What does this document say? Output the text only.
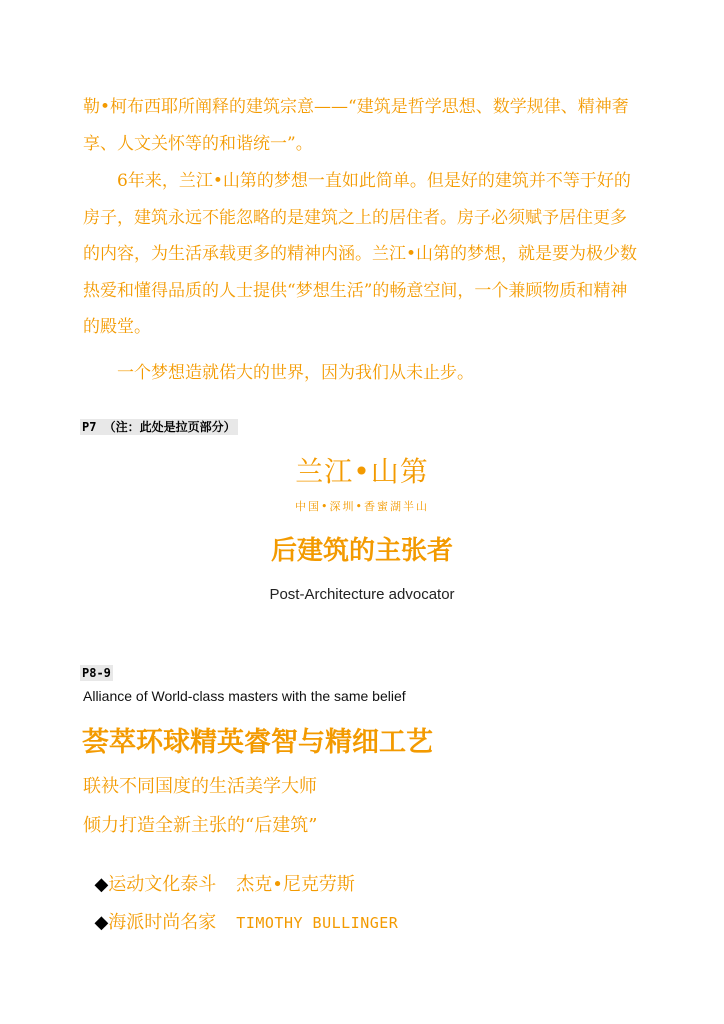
勒•柯布西耶所阐释的建筑宗意——“建筑是哲学思想、数学规律、精神奢享、人文关怀等的和谐统一”。

6年来，兰江•山第的梦想一直如此简单。但是好的建筑并不等于好的房子，建筑永远不能忽略的是建筑之上的居住者。房子必须赋予居住更多的内容，为生活承载更多的精神内涵。兰江•山第的梦想，就是要为极少数热爱和懂得品质的人士提供“梦想生活”的畅意空间，一个兼顾物质和精神的殿堂。

一个梦想造就偌大的世界，因为我们从未止步。

P7 （注：此处是拉页部分）
兰江•山第
中国•深圳•香蜜湖半山
后建筑的主张者
Post-Architecture advocator
P8-9
Alliance of World-class masters with the same belief
荟萃环球精英睿智与精细工艺
联袂不同国度的生活美学大师
倾力打造全新主张的“后建筑”

◆运动文化泰斗 杰克•尼克劳斯

◆海派时尚名家 TIMOTHY BULLINGER
